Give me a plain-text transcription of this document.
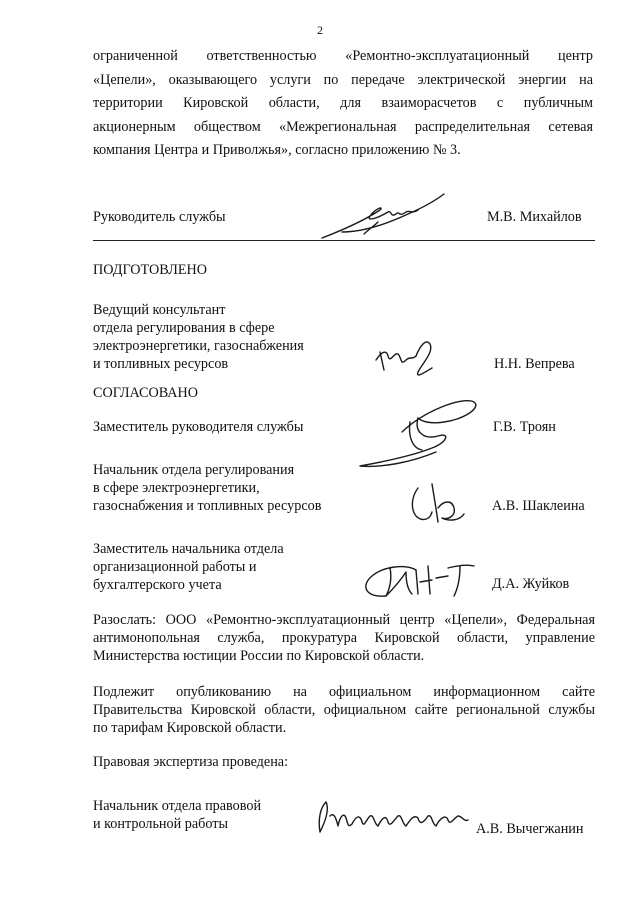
2
ограниченной ответственностью «Ремонтно-эксплуатационный центр
«Цепели», оказывающего услуги по передаче электрической энергии на
территории Кировской области, для взаиморасчетов с публичным
акционерным обществом «Межрегиональная распределительная сетевая
компания Центра и Приволжья», согласно приложению № 3.
Руководитель службы	М.В. Михайлов
ПОДГОТОВЛЕНО
Ведущий консультант
отдела регулирования в сфере
электроэнергетики, газоснабжения
и топливных ресурсов	Н.Н. Вепрева
СОГЛАСОВАНО
Заместитель руководителя службы	Г.В. Троян
Начальник отдела регулирования
в сфере электроэнергетики,
газоснабжения и топливных ресурсов	А.В. Шаклеина
Заместитель начальника отдела
организационной работы и
бухгалтерского учета	Д.А. Жуйков
Разослать: ООО «Ремонтно-эксплуатационный центр «Цепели», Федеральная
антимонопольная служба, прокуратура Кировской области, управление
Министерства юстиции России по Кировской области.
Подлежит опубликованию на официальном информационном сайте
Правительства Кировской области, официальном сайте региональной службы
по тарифам Кировской области.
Правовая экспертиза проведена:
Начальник отдела правовой
и контрольной работы	А.В. Вычегжанин
